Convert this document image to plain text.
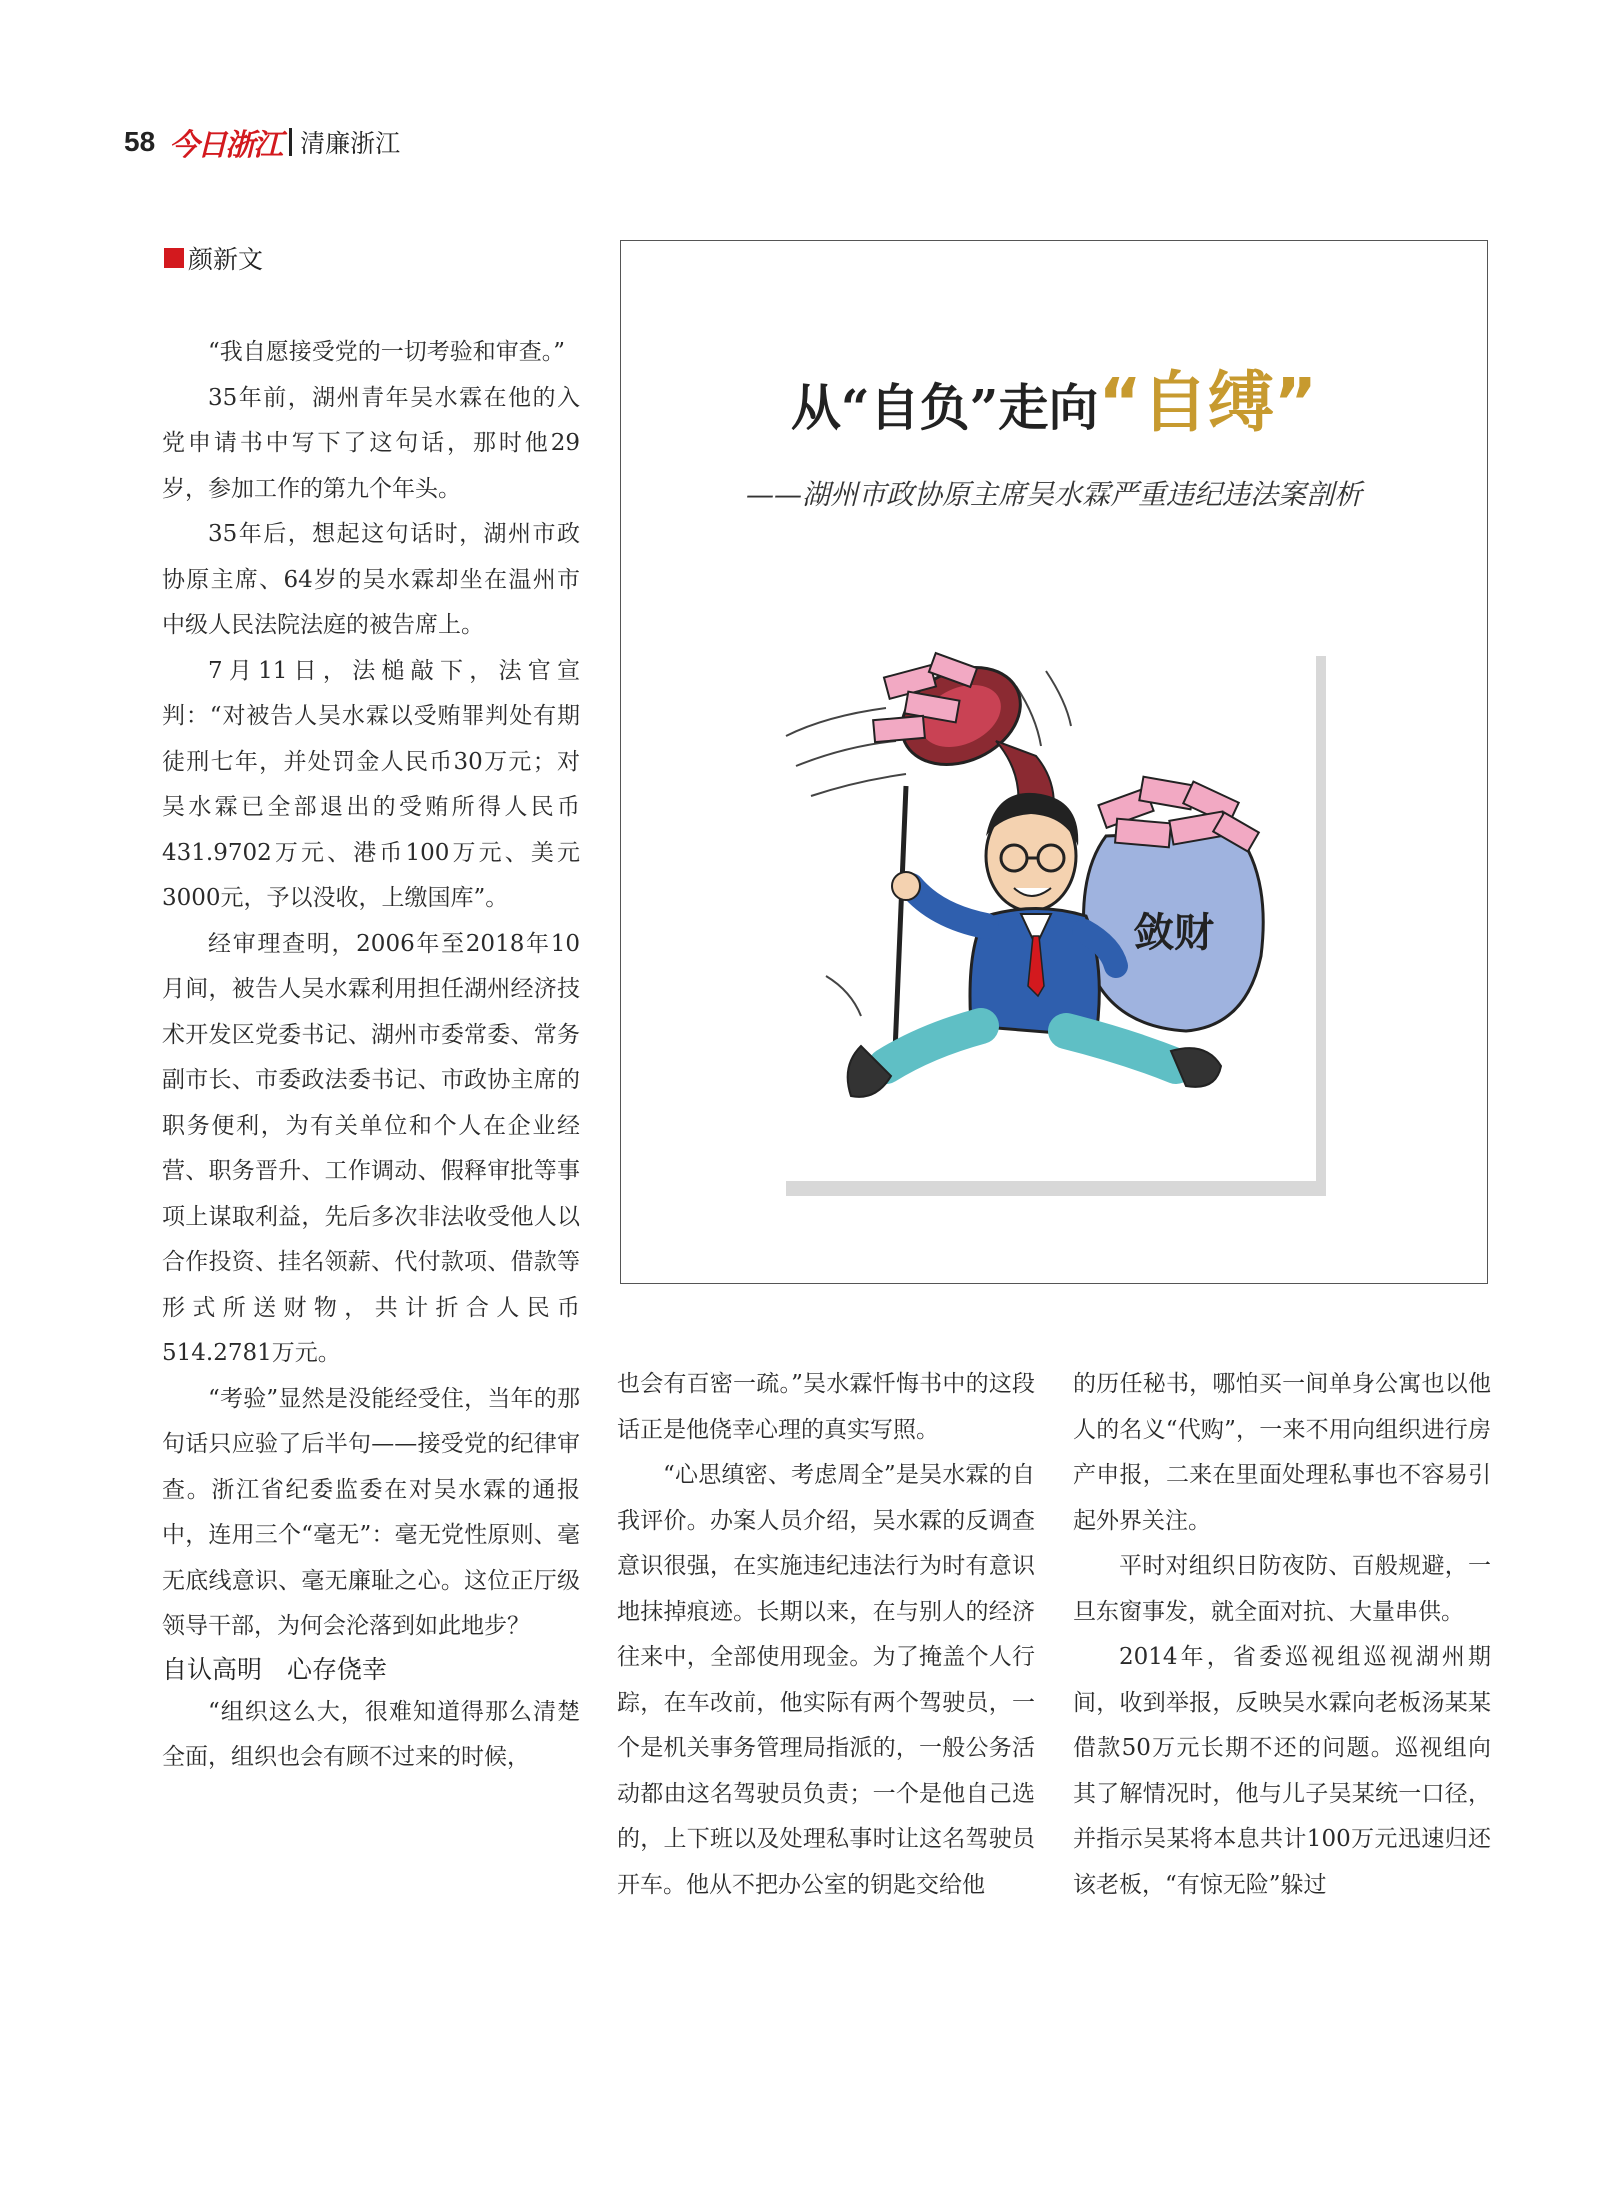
58 今日浙江 清廉浙江
颜新文

“我自愿接受党的一切考验和审查。”

35年前，湖州青年吴水霖在他的入党申请书中写下了这句话，那时他29岁，参加工作的第九个年头。

35年后，想起这句话时，湖州市政协原主席、64岁的吴水霖却坐在温州市中级人民法院法庭的被告席上。

7月11日，法槌敲下，法官宣判：“对被告人吴水霖以受贿罪判处有期徒刑七年，并处罚金人民币30万元；对吴水霖已全部退出的受贿所得人民币431.9702万元、港币100万元、美元3000元，予以没收，上缴国库”。

经审理查明，2006年至2018年10月间，被告人吴水霖利用担任湖州经济技术开发区党委书记、湖州市委常委、常务副市长、市委政法委书记、市政协主席的职务便利，为有关单位和个人在企业经营、职务晋升、工作调动、假释审批等事项上谋取利益，先后多次非法收受他人以合作投资、挂名领薪、代付款项、借款等形式所送财物，共计折合人民币514.2781万元。

“考验”显然是没能经受住，当年的那句话只应验了后半句——接受党的纪律审查。浙江省纪委监委在对吴水霖的通报中，连用三个“毫无”：毫无党性原则、毫无底线意识、毫无廉耻之心。这位正厅级领导干部，为何会沦落到如此地步？

自认高明　心存侥幸

“组织这么大，很难知道得那么清楚全面，组织也会有顾不过来的时候，

从“自负”走向“自缚”
——湖州市政协原主席吴水霖严重违纪违法案剖析
敛财

也会有百密一疏。”吴水霖忏悔书中的这段话正是他侥幸心理的真实写照。

“心思缜密、考虑周全”是吴水霖的自我评价。办案人员介绍，吴水霖的反调查意识很强，在实施违纪违法行为时有意识地抹掉痕迹。长期以来，在与别人的经济往来中，全部使用现金。为了掩盖个人行踪，在车改前，他实际有两个驾驶员，一个是机关事务管理局指派的，一般公务活动都由这名驾驶员负责；一个是他自己选的，上下班以及处理私事时让这名驾驶员开车。他从不把办公室的钥匙交给他

的历任秘书，哪怕买一间单身公寓也以他人的名义“代购”，一来不用向组织进行房产申报，二来在里面处理私事也不容易引起外界关注。

平时对组织日防夜防、百般规避，一旦东窗事发，就全面对抗、大量串供。

2014年，省委巡视组巡视湖州期间，收到举报，反映吴水霖向老板汤某某借款50万元长期不还的问题。巡视组向其了解情况时，他与儿子吴某统一口径，并指示吴某将本息共计100万元迅速归还该老板，“有惊无险”躲过
